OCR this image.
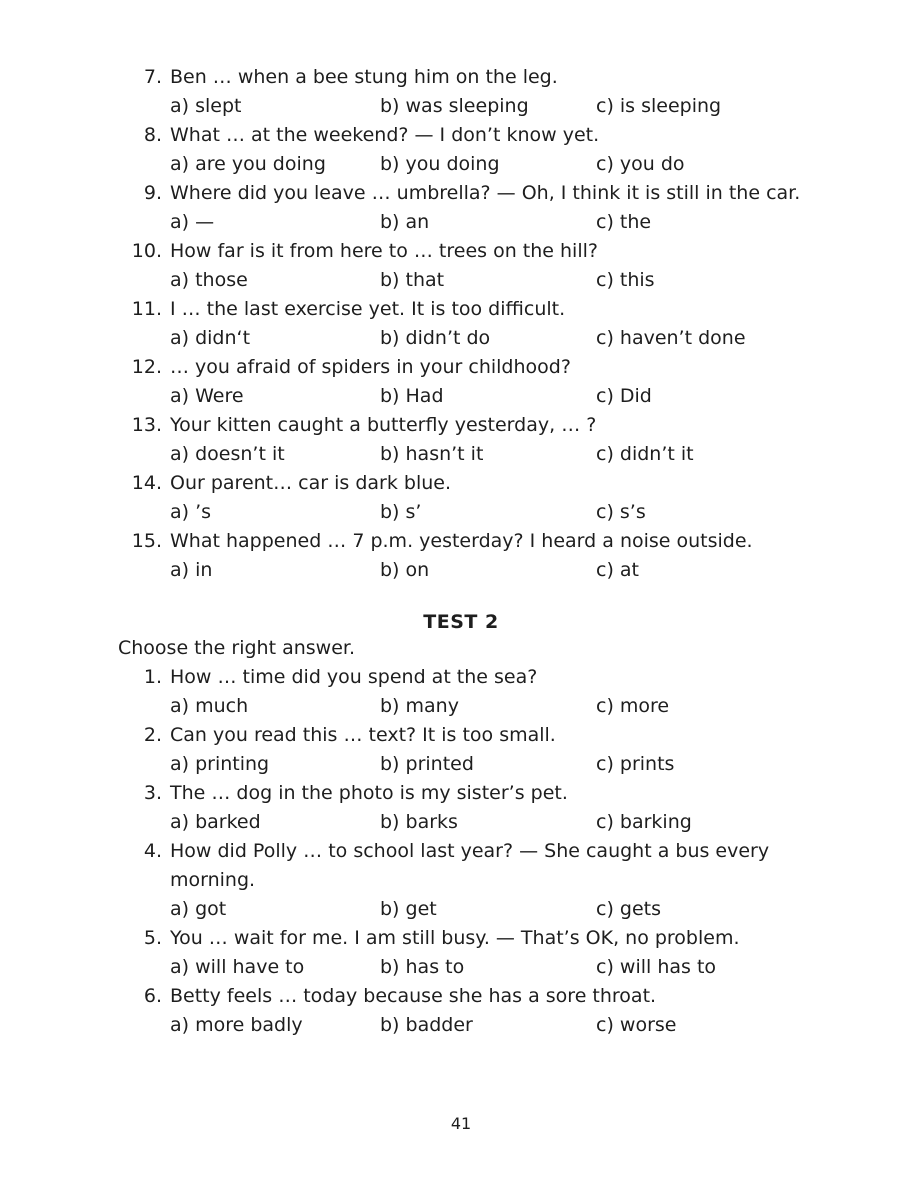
7. Ben … when a bee stung him on the leg.
a) slept	b) was sleeping	c) is sleeping
8. What … at the weekend? — I don’t know yet.
a) are you doing	b) you doing	c) you do
9. Where did you leave … umbrella? — Oh, I think it is still in the car.
a) —	b) an	c) the
10. How far is it from here to … trees on the hill?
a) those	b) that	c) this
11. I … the last exercise yet. It is too difficult.
a) didn‘t	b) didn’t do	c) haven’t done
12. … you afraid of spiders in your childhood?
a) Were	b) Had	c) Did
13. Your kitten caught a butterfly yesterday, … ?
a) doesn’t it	b) hasn’t it	c) didn’t it
14. Our parent… car is dark blue.
a) ’s	b) s’	c) s’s
15. What happened … 7 p.m. yesterday? I heard a noise outside.
a) in	b) on	c) at
TEST 2
Choose the right answer.
1. How … time did you spend at the sea?
a) much	b) many	c) more
2. Can you read this … text? It is too small.
a) printing	b) printed	c) prints
3. The … dog in the photo is my sister’s pet.
a) barked	b) barks	c) barking
4. How did Polly … to school last year? — She caught a bus every
morning.
a) got	b) get	c) gets
5. You … wait for me. I am still busy. — That’s OK, no problem.
a) will have to	b) has to	c) will has to
6. Betty feels … today because she has a sore throat.
a) more badly	b) badder	c) worse
41
